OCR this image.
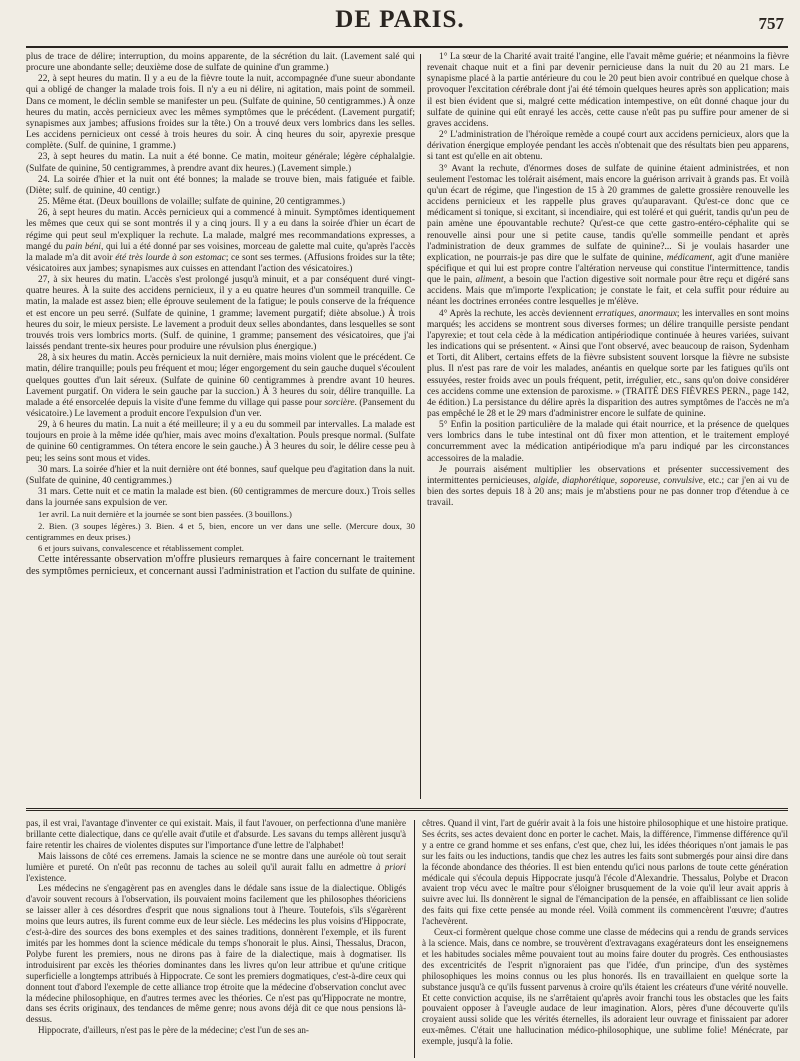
DE PARIS.	757

plus de trace de délire; interruption, du moins apparente, de la sécrétion du lait. (Lavement salé qui procure une abondante selle; deuxième dose de sulfate de quinine d'un gramme.)

22, à sept heures du matin. Il y a eu de la fièvre toute la nuit, accompagnée d'une sueur abondante qui a obligé de changer la malade trois fois. Il n'y a eu ni délire, ni agitation, mais point de sommeil. Dans ce moment, le déclin semble se manifester un peu. (Sulfate de quinine, 50 centigrammes.) À onze heures du matin, accès pernicieux avec les mêmes symptômes que le précédent. (Lavement purgatif; synapismes aux jambes; affusions froides sur la tête.) On a trouvé deux vers lombrics dans les selles. Les accidens pernicieux ont cessé à trois heures du soir. À cinq heures du soir, apyrexie presque complète. (Sulf. de quinine, 1 gramme.)

23, à sept heures du matin. La nuit a été bonne. Ce matin, moiteur générale; légère céphalalgie. (Sulfate de quinine, 50 centigrammes, à prendre avant dix heures.) (Lavement simple.)

24. La soirée d'hier et la nuit ont été bonnes; la malade se trouve bien, mais fatiguée et faible. (Diète; sulf. de quinine, 40 centigr.)

25. Même état. (Deux bouillons de volaille; sulfate de quinine, 20 centigrammes.)

26, à sept heures du matin. Accès pernicieux qui a commencé à minuit. Symptômes identiquement les mêmes que ceux qui se sont montrés il y a cinq jours. Il y a eu dans la soirée d'hier un écart de régime qui peut seul m'expliquer la rechute. La malade, malgré mes recommandations expresses, a mangé du pain béni, qui lui a été donné par ses voisines, morceau de galette mal cuite, qu'après l'accès la malade m'a dit avoir été très lourde à son estomac; ce sont ses termes. (Affusions froides sur la tête; vésicatoires aux jambes; synapismes aux cuisses en attendant l'action des vésicatoires.)

27, à six heures du matin. L'accès s'est prolongé jusqu'à minuit, et a par conséquent duré vingt-quatre heures. À la suite des accidens pernicieux, il y a eu quatre heures d'un sommeil tranquille. Ce matin, la malade est assez bien; elle éprouve seulement de la fatigue; le pouls conserve de la fréquence et est encore un peu serré. (Sulfate de quinine, 1 gramme; lavement purgatif; diète absolue.) À trois heures du soir, le mieux persiste. Le lavement a produit deux selles abondantes, dans lesquelles se sont trouvés trois vers lombrics morts. (Sulf. de quinine, 1 gramme; pansement des vésicatoires, que j'ai laissés pendant trente-six heures pour produire une révulsion plus énergique.)

28, à six heures du matin. Accès pernicieux la nuit dernière, mais moins violent que le précédent. Ce matin, délire tranquille; pouls peu fréquent et mou; léger engorgement du sein gauche duquel s'écoulent quelques gouttes d'un lait séreux. (Sulfate de quinine 60 centigrammes à prendre avant 10 heures. Lavement purgatif. On videra le sein gauche par la succion.) À 3 heures du soir, délire tranquille. La malade a été ensorcelée depuis la visite d'une femme du village qui passe pour sorcière. (Pansement du vésicatoire.) Le lavement a produit encore l'expulsion d'un ver.

29, à 6 heures du matin. La nuit a été meilleure; il y a eu du sommeil par intervalles. La malade est toujours en proie à la même idée qu'hier, mais avec moins d'exaltation. Pouls presque normal. (Sulfate de quinine 60 centigrammes. On tétera encore le sein gauche.) À 3 heures du soir, le délire cesse peu à peu; les seins sont mous et vides.

30 mars. La soirée d'hier et la nuit dernière ont été bonnes, sauf quelque peu d'agitation dans la nuit. (Sulfate de quinine, 40 centigrammes.)

31 mars. Cette nuit et ce matin la malade est bien. (60 centigrammes de mercure doux.) Trois selles dans la journée sans expulsion de ver.

1er avril. La nuit dernière et la journée se sont bien passées. (3 bouillons.)

2. Bien. (3 soupes légères.) 3. Bien. 4 et 5, bien, encore un ver dans une selle. (Mercure doux, 30 centigrammes en deux prises.)

6 et jours suivans, convalescence et rétablissement complet.

Cette intéressante observation m'offre plusieurs remarques à faire concernant le traitement des symptômes pernicieux, et concernant aussi l'administration et l'action du sulfate de quinine.

1° La sœur de la Charité avait traité l'angine, elle l'avait même guérie; et néanmoins la fièvre revenait chaque nuit et a fini par devenir pernicieuse dans la nuit du 20 au 21 mars. Le synapisme placé à la partie antérieure du cou le 20 peut bien avoir contribué en quelque chose à provoquer l'excitation cérébrale dont j'ai été témoin quelques heures après son application; mais il est bien évident que si, malgré cette médication intempestive, on eût donné chaque jour du sulfate de quinine qui eût enrayé les accès, cette cause n'eût pas pu suffire pour amener de si graves accidens.

2° L'administration de l'héroïque remède a coupé court aux accidens pernicieux, alors que la dérivation énergique employée pendant les accès n'obtenait que des résultats bien peu apparens, si tant est qu'elle en ait obtenu.

3° Avant la rechute, d'énormes doses de sulfate de quinine étaient administrées, et non seulement l'estomac les tolérait aisément, mais encore la guérison arrivait à grands pas. Et voilà qu'un écart de régime, que l'ingestion de 15 à 20 grammes de galette grossière renouvelle les accidens pernicieux et les rappelle plus graves qu'auparavant. Qu'est-ce donc que ce médicament si tonique, si excitant, si incendiaire, qui est toléré et qui guérit, tandis qu'un peu de pain amène une épouvantable rechute? Qu'est-ce que cette gastro-entéro-céphalite qui se renouvelle ainsi pour une si petite cause, tandis qu'elle sommeille pendant et après l'administration de deux grammes de sulfate de quinine?... Si je voulais hasarder une explication, ne pourrais-je pas dire que le sulfate de quinine, médicament, agit d'une manière spécifique et qui lui est propre contre l'altération nerveuse qui constitue l'intermittence, tandis que le pain, aliment, a besoin que l'action digestive soit normale pour être reçu et digéré sans accidens. Mais que m'importe l'explication; je constate le fait, et cela suffit pour réduire au néant les doctrines erronées contre lesquelles je m'élève.

4° Après la rechute, les accès deviennent erratiques, anormaux; les intervalles en sont moins marqués; les accidens se montrent sous diverses formes; un délire tranquille persiste pendant l'apyrexie; et tout cela cède à la médication antipériodique continuée à heures variées, suivant les indications qui se présentent. « Ainsi que l'ont observé, avec beaucoup de raison, Sydenham et Torti, dit Alibert, certains effets de la fièvre subsistent souvent lorsque la fièvre ne subsiste plus. Il n'est pas rare de voir les malades, anéantis en quelque sorte par les fatigues qu'ils ont essuyées, rester froids avec un pouls fréquent, petit, irrégulier, etc., sans qu'on doive considérer ces accidens comme une extension de paroxisme. » (TRAITÉ DES FIÈVRES PERN., page 142, 4e édition.) La persistance du délire après la disparition des autres symptômes de l'accès ne m'a pas empêché le 28 et le 29 mars d'administrer encore le sulfate de quinine.

5° Enfin la position particulière de la malade qui était nourrice, et la présence de quelques vers lombrics dans le tube intestinal ont dû fixer mon attention, et le traitement employé concurremment avec la médication antipériodique m'a paru indiqué par les circonstances accessoires de la maladie.

Je pourrais aisément multiplier les observations et présenter successivement des intermittentes pernicieuses, algide, diaphorétique, soporeuse, convulsive, etc.; car j'en ai vu de bien des sortes depuis 18 à 20 ans; mais je m'abstiens pour ne pas donner trop d'étendue à ce travail.

pas, il est vrai, l'avantage d'inventer ce qui existait. Mais, il faut l'avouer, on perfectionna d'une manière brillante cette dialectique, dans ce qu'elle avait d'utile et d'absurde. Les savans du temps allèrent jusqu'à faire retentir les chaires de violentes disputes sur l'importance d'une lettre de l'alphabet!

Mais laissons de côté ces erremens. Jamais la science ne se montre dans une auréole où tout serait lumière et pureté. On n'eût pas reconnu de taches au soleil qu'il aurait fallu en admettre à priori l'existence.

Les médecins ne s'engagèrent pas en avengles dans le dédale sans issue de la dialectique. Obligés d'avoir souvent recours à l'observation, ils pouvaient moins facilement que les philosophes théoriciens se laisser aller à ces désordres d'esprit que nous signalions tout à l'heure. Toutefois, s'ils s'égarèrent moins que leurs autres, ils furent comme eux de leur siècle. Les médecins les plus voisins d'Hippocrate, c'est-à-dire des sources des bons exemples et des saines traditions, donnèrent l'exemple, et ils furent imités par les hommes dont la science médicale du temps s'honorait le plus. Ainsi, Thessalus, Dracon, Polybe furent les premiers, nous ne dirons pas à faire de la dialectique, mais à dogmatiser. Ils introduisirent par excès les théories dominantes dans les livres qu'on leur attribue et qu'une critique superficielle a longtemps attribués à Hippocrate. Ce sont les premiers dogmatiques, c'est-à-dire ceux qui donnent tout d'abord l'exemple de cette alliance trop étroite que la médecine d'observation conclut avec la médecine philosophique, en d'autres termes avec les théories. Ce n'est pas qu'Hippocrate ne montre, dans ses écrits originaux, des tendances de même genre; nous avons déjà dit ce que nous pensions là-dessus.

Hippocrate, d'ailleurs, n'est pas le père de la médecine; c'est l'un de ses an-

cêtres. Quand il vint, l'art de guérir avait à la fois une histoire philosophique et une histoire pratique. Ses écrits, ses actes devaient donc en porter le cachet. Mais, la différence, l'immense différence qu'il y a entre ce grand homme et ses enfans, c'est que, chez lui, les idées théoriques n'ont jamais le pas sur les faits ou les inductions, tandis que chez les autres les faits sont submergés pour ainsi dire dans la féconde abondance des théories. Il est bien entendu qu'ici nous parlons de toute cette génération médicale qui s'écoula depuis Hippocrate jusqu'à l'école d'Alexandrie. Thessalus, Polybe et Dracon avaient trop vécu avec le maître pour s'éloigner brusquement de la voie qu'il leur avait appris à suivre avec lui. Ils donnèrent le signal de l'émancipation de la pensée, en affaiblissant ce lien solide des faits qui fixe cette pensée au monde réel. Voilà comment ils commencèrent l'œuvre; d'autres l'achevèrent.

Ceux-ci formèrent quelque chose comme une classe de médecins qui a rendu de grands services à la science. Mais, dans ce nombre, se trouvèrent d'extravagans exagérateurs dont les enseignemens et les habitudes sociales même pouvaient tout au moins faire douter du progrès. Ces enthousiastes des excentricités de l'esprit n'ignoraient pas que l'idée, d'un principe, d'un des systèmes philosophiques les moins connus ou les plus honorés. Ils en travaillaient en quelque sorte la substance jusqu'à ce qu'ils fussent parvenus à croire qu'ils étaient les créateurs d'une vérité nouvelle. Et cette conviction acquise, ils ne s'arrêtaient qu'après avoir franchi tous les obstacles que les faits pouvaient opposer à l'aveugle audace de leur imagination. Alors, pères d'une découverte qu'ils croyaient aussi solide que les vérités éternelles, ils adoraient leur ouvrage et finissaient par adorer eux-mêmes. C'était une hallucination médico-philosophique, une sublime folie! Ménécrate, par exemple, jusqu'à la folie.
